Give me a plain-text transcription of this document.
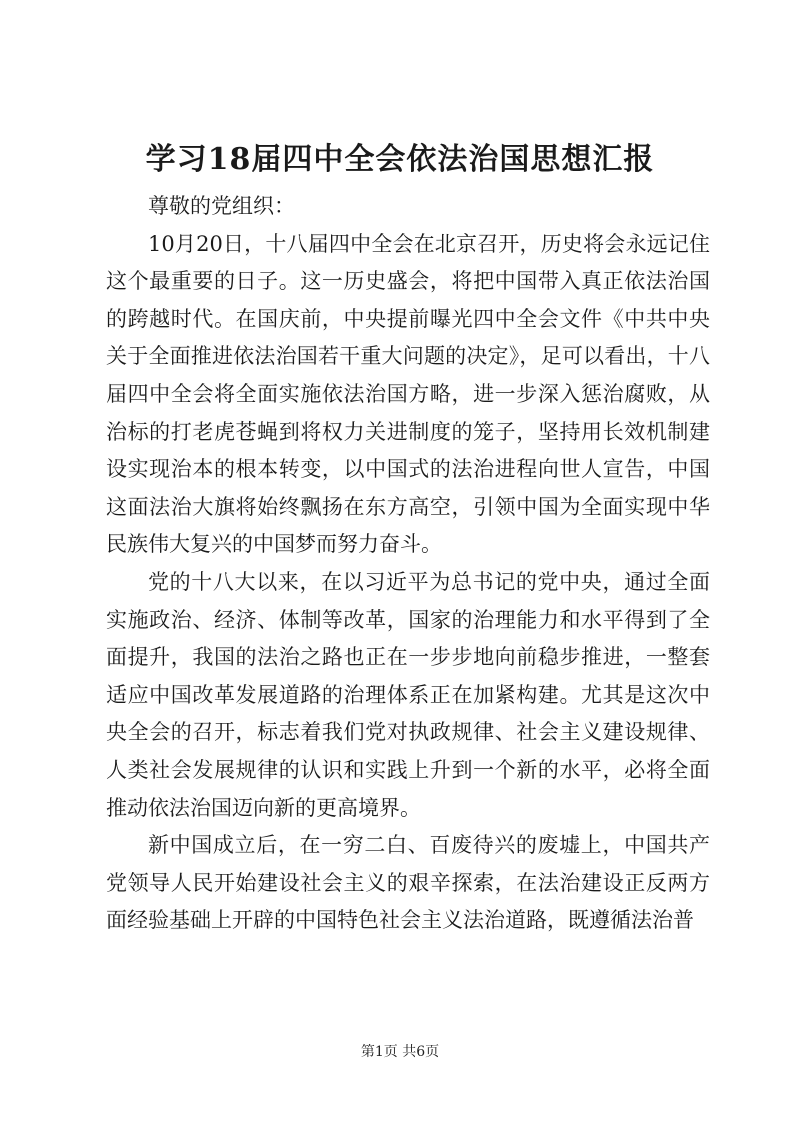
学习18届四中全会依法治国思想汇报

尊敬的党组织：

10月20日，十八届四中全会在北京召开，历史将会永远记住这个最重要的日子。这一历史盛会，将把中国带入真正依法治国的跨越时代。在国庆前，中央提前曝光四中全会文件《中共中央关于全面推进依法治国若干重大问题的决定》，足可以看出，十八届四中全会将全面实施依法治国方略，进一步深入惩治腐败，从治标的打老虎苍蝇到将权力关进制度的笼子，坚持用长效机制建设实现治本的根本转变，以中国式的法治进程向世人宣告，中国这面法治大旗将始终飘扬在东方高空，引领中国为全面实现中华民族伟大复兴的中国梦而努力奋斗。

党的十八大以来，在以习近平为总书记的党中央，通过全面实施政治、经济、体制等改革，国家的治理能力和水平得到了全面提升，我国的法治之路也正在一步步地向前稳步推进，一整套适应中国改革发展道路的治理体系正在加紧构建。尤其是这次中央全会的召开，标志着我们党对执政规律、社会主义建设规律、人类社会发展规律的认识和实践上升到一个新的水平，必将全面推动依法治国迈向新的更高境界。

新中国成立后，在一穷二白、百废待兴的废墟上，中国共产党领导人民开始建设社会主义的艰辛探索，在法治建设正反两方面经验基础上开辟的中国特色社会主义法治道路，既遵循法治普

第1页 共6页
